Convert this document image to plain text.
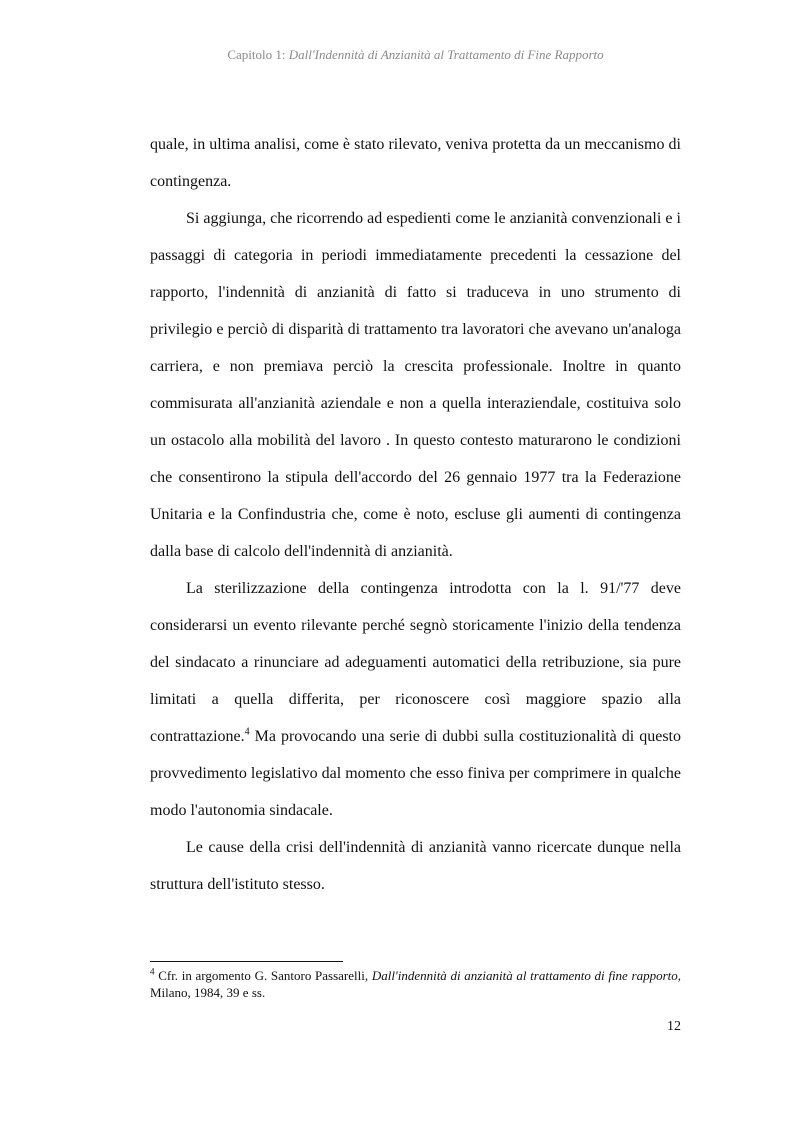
Capitolo 1: Dall'Indennità di Anzianità al Trattamento di Fine Rapporto

quale, in ultima analisi, come è stato rilevato, veniva protetta da un meccanismo di contingenza.

Si aggiunga, che ricorrendo ad espedienti come le anzianità convenzionali e i passaggi di categoria in periodi immediatamente precedenti la cessazione del rapporto, l'indennità di anzianità di fatto si traduceva in uno strumento di privilegio e perciò di disparità di trattamento tra lavoratori che avevano un'analoga carriera, e non premiava perciò la crescita professionale. Inoltre in quanto commisurata all'anzianità aziendale e non a quella interaziendale, costituiva solo un ostacolo alla mobilità del lavoro . In questo contesto maturarono le condizioni che consentirono la stipula dell'accordo del 26 gennaio 1977 tra la Federazione Unitaria e la Confindustria che, come è noto, escluse gli aumenti di contingenza dalla base di calcolo dell'indennità di anzianità.

La sterilizzazione della contingenza introdotta con la l. 91/'77 deve considerarsi un evento rilevante perché segnò storicamente l'inizio della tendenza del sindacato a rinunciare ad adeguamenti automatici della retribuzione, sia pure limitati a quella differita, per riconoscere così maggiore spazio alla contrattazione.$^4$ Ma provocando una serie di dubbi sulla costituzionalità di questo provvedimento legislativo dal momento che esso finiva per comprimere in qualche modo l'autonomia sindacale.

Le cause della crisi dell'indennità di anzianità vanno ricercate dunque nella struttura dell'istituto stesso.

$^4$ Cfr. in argomento G. Santoro Passarelli, Dall'indennità di anzianità al trattamento di fine rapporto, Milano, 1984, 39 e ss.
12
